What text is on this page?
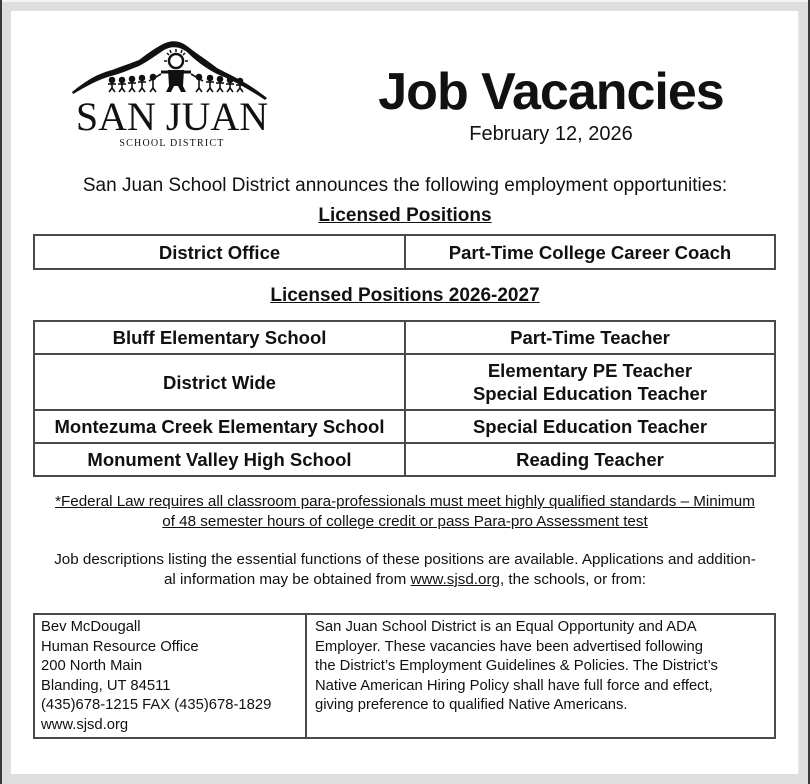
SAN JUAN
SCHOOL DISTRICT
Job Vacancies
February 12, 2026
San Juan School District announces the following employment opportunities:
Licensed Positions
District Office	Part-Time College Career Coach
Licensed Positions 2026-2027
Bluff Elementary School	Part-Time Teacher

District Wide	Elementary PE Teacher
Special Education Teacher

Montezuma Creek Elementary School	Special Education Teacher

Monument Valley High School	Reading Teacher
*Federal Law requires all classroom para-professionals must meet highly qualified standards – Minimum
of 48 semester hours of college credit or pass Para-pro Assessment test
Job descriptions listing the essential functions of these positions are available. Applications and addition-
al information may be obtained from www.sjsd.org, the schools, or from:
Bev McDougall
Human Resource Office
200 North Main
Blanding, UT 84511
(435)678-1215 FAX (435)678-1829
www.sjsd.org
San Juan School District is an Equal Opportunity and ADA
Employer. These vacancies have been advertised following
the District’s Employment Guidelines & Policies. The District’s
Native American Hiring Policy shall have full force and effect,
giving preference to qualified Native Americans.
